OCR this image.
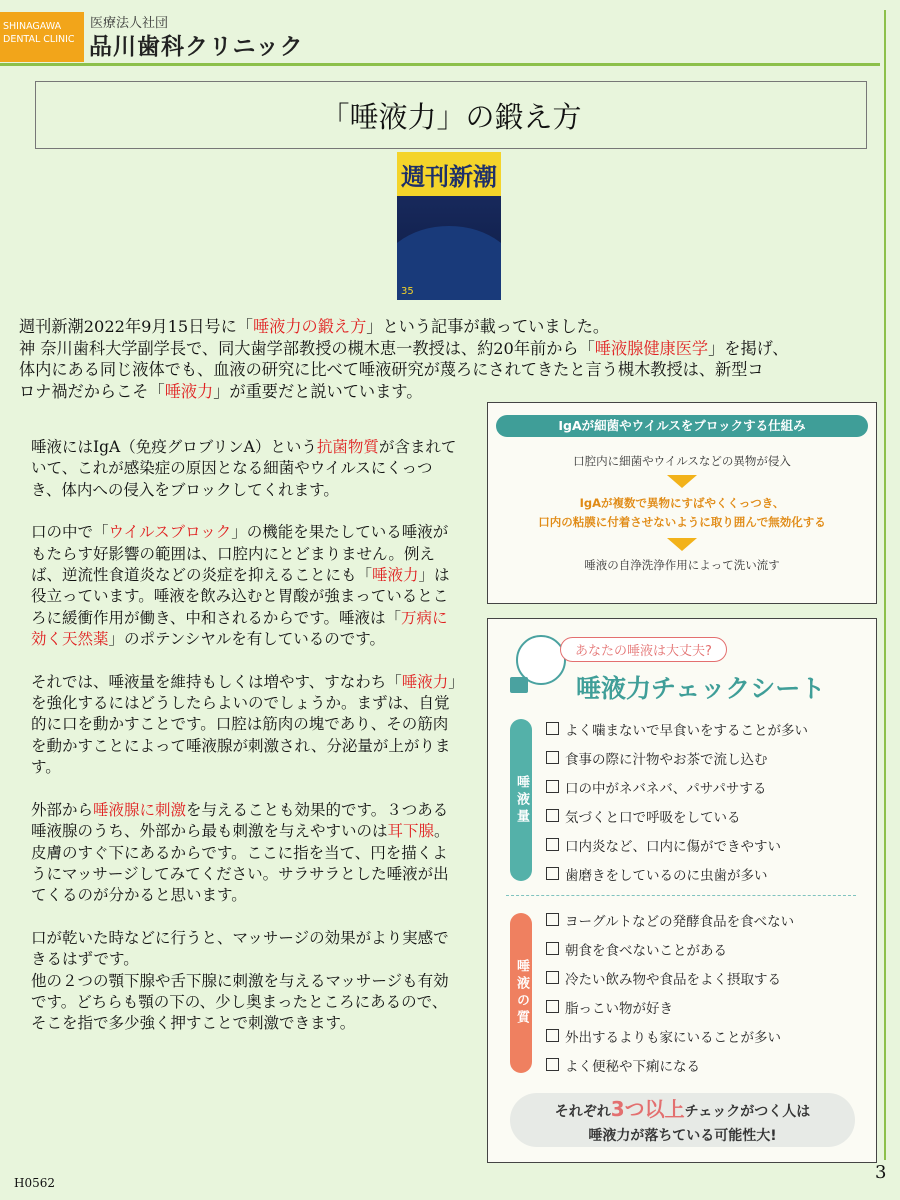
SHINAGAWA
DENTAL CLINIC
医療法人社団
品川歯科クリニック
「唾液力」の鍛え方
週刊新潮
35
週刊新潮2022年9月15日号に「唾液力の鍛え方」という記事が載っていました。
神 奈川歯科大学副学長で、同大歯学部教授の槻木恵一教授は、約20年前から「唾液腺健康医学」を掲げ、
体内にある同じ液体でも、血液の研究に比べて唾液研究が蔑ろにされてきたと言う槻木教授は、新型コ
ロナ禍だからこそ「唾液力」が重要だと説いています。

唾液にはIgA（免疫グロブリンA）という抗菌物質が含まれていて、これが感染症の原因となる細菌やウイルスにくっつき、体内への侵入をブロックしてくれます。

口の中で「ウイルスブロック」の機能を果たしている唾液がもたらす好影響の範囲は、口腔内にとどまりません。例えば、逆流性食道炎などの炎症を抑えることにも「唾液力」は役立っています。唾液を飲み込むと胃酸が強まっているところに緩衝作用が働き、中和されるからです。唾液は「万病に効く天然薬」のポテンシヤルを有しているのです。

それでは、唾液量を維持もしくは増やす、すなわち「唾液力」を強化するにはどうしたらよいのでしょうか。まずは、自覚的に口を動かすことです。口腔は筋肉の塊であり、その筋肉を動かすことによって唾液腺が刺激され、分泌量が上がります。

外部から唾液腺に刺激を与えることも効果的です。３つある唾液腺のうち、外部から最も刺激を与えやすいのは耳下腺。皮膚のすぐ下にあるからです。ここに指を当て、円を描くようにマッサージしてみてください。サラサラとした唾液が出てくるのが分かると思います。

口が乾いた時などに行うと、マッサージの効果がより実感できるはずです。
他の２つの顎下腺や舌下腺に刺激を与えるマッサージも有効です。どちらも顎の下の、少し奥まったところにあるので、そこを指で多少強く押すことで刺激できます。

IgAが細菌やウイルスをブロックする仕組み
口腔内に細菌やウイルスなどの異物が侵入
IgAが複数で異物にすばやくくっつき、
口内の粘膜に付着させないように取り囲んで無効化する
唾液の自浄洗浄作用によって洗い流す
あなたの唾液は大丈夫?
唾液力チェックシート
唾液量
よく噛まないで早食いをすることが多い
食事の際に汁物やお茶で流し込む
口の中がネバネバ、パサパサする
気づくと口で呼吸をしている
口内炎など、口内に傷ができやすい
歯磨きをしているのに虫歯が多い
唾液の質
ヨーグルトなどの発酵食品を食べない
朝食を食べないことがある
冷たい飲み物や食品をよく摂取する
脂っこい物が好き
外出するよりも家にいることが多い
よく便秘や下痢になる
それぞれ3つ以上チェックがつく人は
唾液力が落ちている可能性大!
H0562	3
